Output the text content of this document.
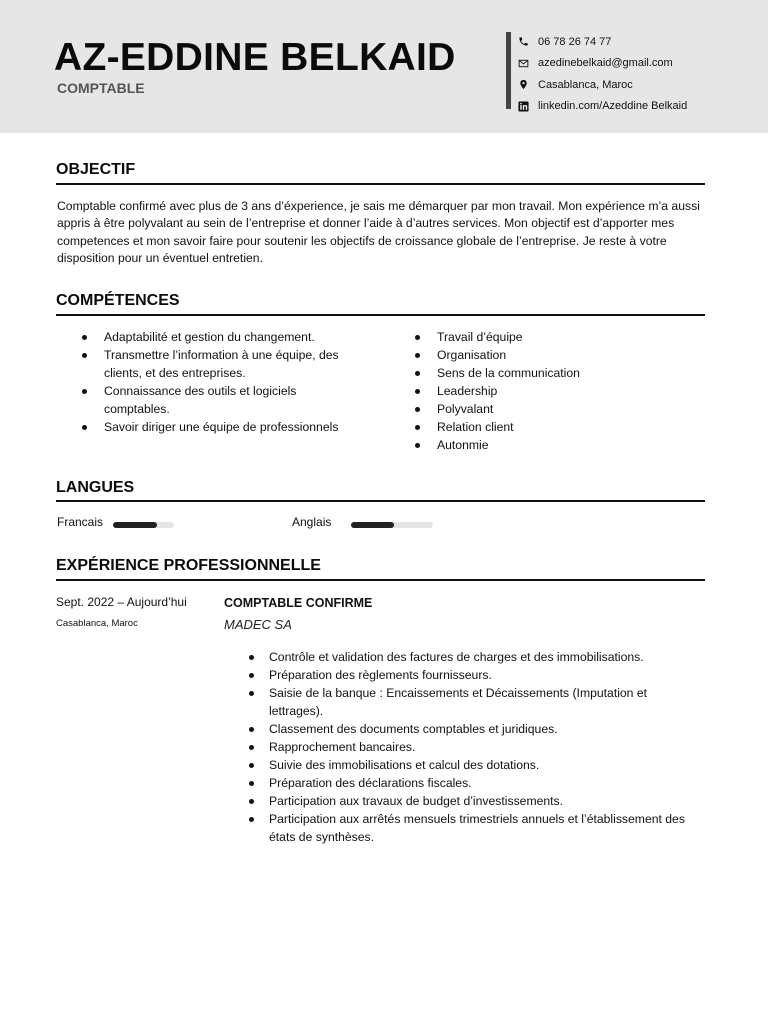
AZ-EDDINE BELKAID
COMPTABLE
06 78 26 74 77
azedinebelkaid@gmail.com
Casablanca, Maroc
linkedin.com/Azeddine Belkaid
OBJECTIF
Comptable confirmé avec plus de 3 ans d’éxperience, je sais me démarquer par mon travail. Mon expérience m’a aussi appris à être polyvalant au sein de l’entreprise et donner l’aide à d’autres services. Mon objectif est d’apporter mes competences et mon savoir faire pour soutenir les objectifs de croissance globale de l’entreprise. Je reste à votre disposition pour un éventuel entretien.
COMPÉTENCES
Adaptabilité et gestion du changement.
Transmettre l’information à une équipe, des clients, et des entreprises.
Connaissance des outils et logiciels comptables.
Savoir diriger une équipe de professionnels
Travail d’équipe
Organisation
Sens de la communication
Leadership
Polyvalant
Relation client
Autonmie
LANGUES
Francais	Anglais
EXPÉRIENCE PROFESSIONNELLE
Sept. 2022 – Aujourd’hui
Casablanca, Maroc
COMPTABLE CONFIRME
MADEC SA
Contrôle et validation des factures de charges et des immobilisations.
Préparation des règlements fournisseurs.
Saisie de la banque : Encaissements et Décaissements (Imputation et lettrages).
Classement des documents comptables et juridiques.
Rapprochement bancaires.
Suivie des immobilisations et calcul des dotations.
Préparation des déclarations fiscales.
Participation aux travaux de budget d’investissements.
Participation aux arrêtés mensuels trimestriels annuels et l’établissement des états de synthèses.
